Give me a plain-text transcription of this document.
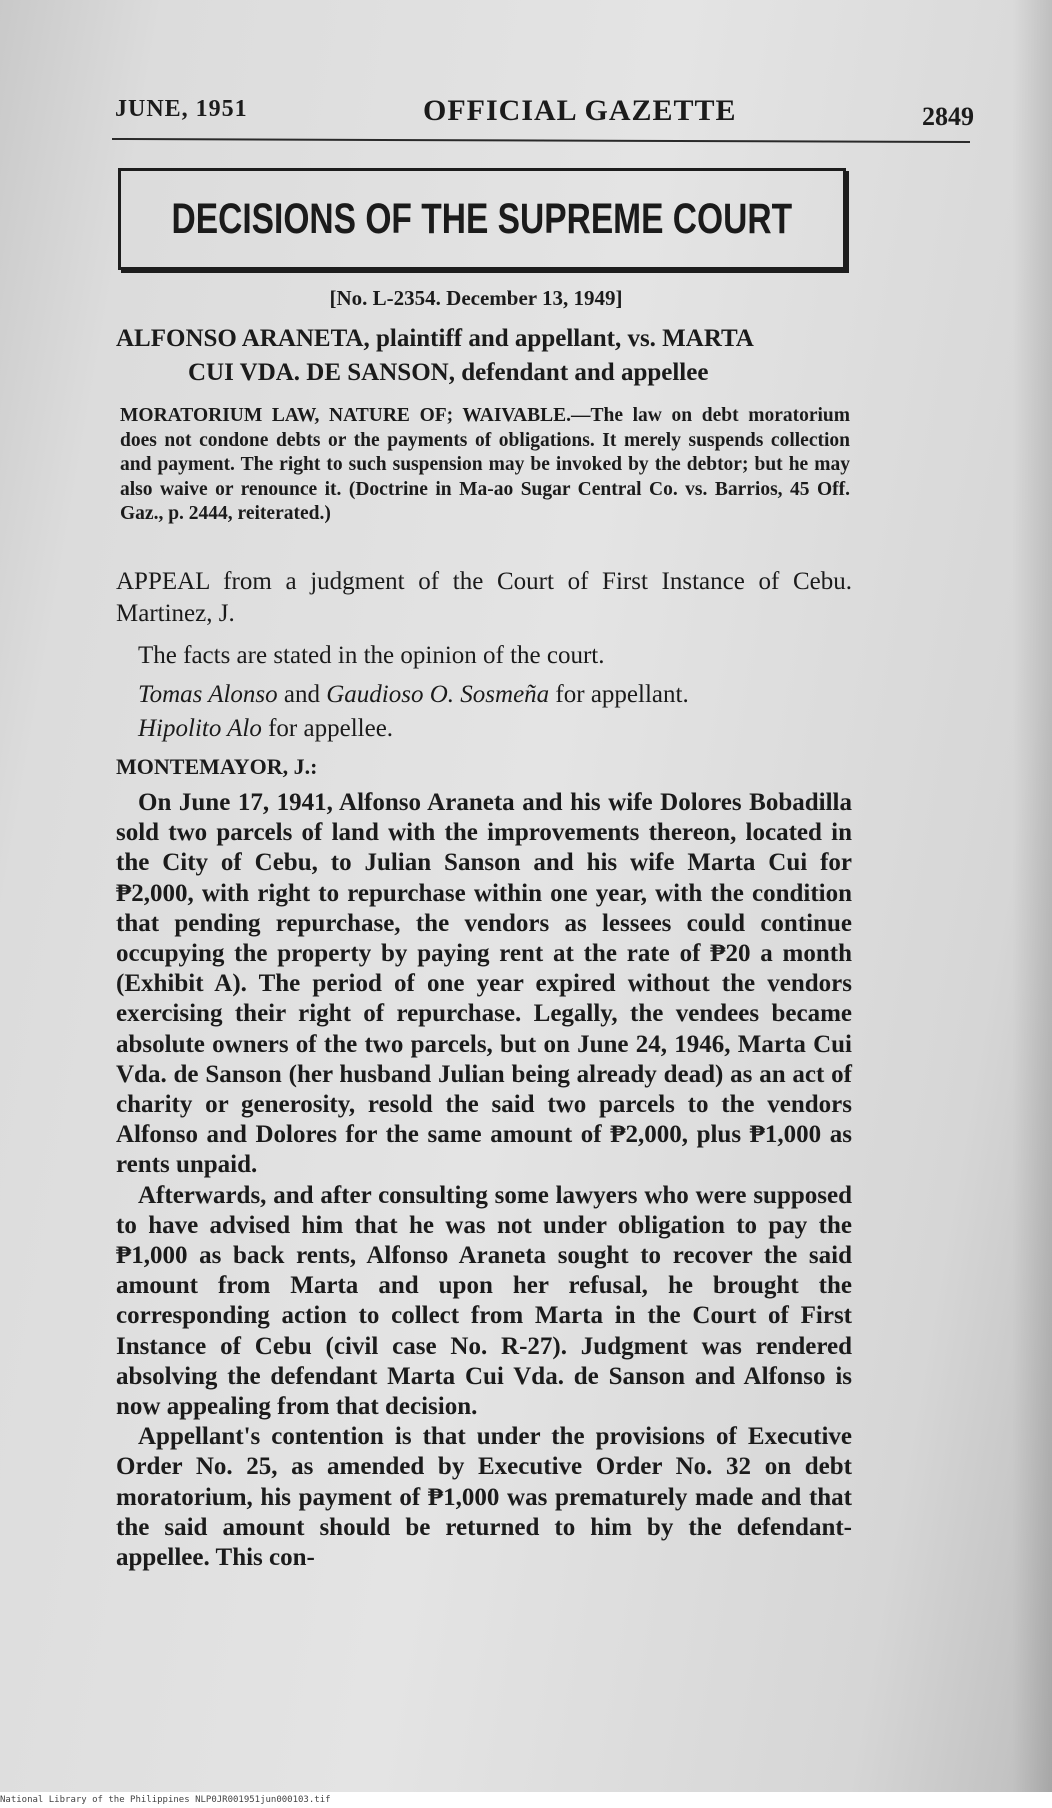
JUNE, 1951	OFFICIAL GAZETTE	2849
DECISIONS OF THE SUPREME COURT
[No. L-2354. December 13, 1949]
ALFONSO ARANETA, plaintiff and appellant, vs. MARTA
CUI VDA. DE SANSON, defendant and appellee
MORATORIUM LAW, NATURE OF; WAIVABLE.—The law on debt moratorium does not condone debts or the payments of obligations. It merely suspends collection and payment. The right to such suspension may be invoked by the debtor; but he may also waive or renounce it. (Doctrine in Ma-ao Sugar Central Co. vs. Barrios, 45 Off. Gaz., p. 2444, reiterated.)
APPEAL from a judgment of the Court of First Instance of Cebu. Martinez, J.
The facts are stated in the opinion of the court.
Tomas Alonso and Gaudioso O. Sosmeña for appellant.
Hipolito Alo for appellee.
MONTEMAYOR, J.:

On June 17, 1941, Alfonso Araneta and his wife Dolores Bobadilla sold two parcels of land with the improvements thereon, located in the City of Cebu, to Julian Sanson and his wife Marta Cui for ₱2,000, with right to repurchase within one year, with the condition that pending repurchase, the vendors as lessees could continue occupying the property by paying rent at the rate of ₱20 a month (Exhibit A). The period of one year expired without the vendors exercising their right of repurchase. Legally, the vendees became absolute owners of the two parcels, but on June 24, 1946, Marta Cui Vda. de Sanson (her husband Julian being already dead) as an act of charity or generosity, resold the said two parcels to the vendors Alfonso and Dolores for the same amount of ₱2,000, plus ₱1,000 as rents unpaid.

Afterwards, and after consulting some lawyers who were supposed to have advised him that he was not under obligation to pay the ₱1,000 as back rents, Alfonso Araneta sought to recover the said amount from Marta and upon her refusal, he brought the corresponding action to collect from Marta in the Court of First Instance of Cebu (civil case No. R-27). Judgment was rendered absolving the defendant Marta Cui Vda. de Sanson and Alfonso is now appealing from that decision.

Appellant's contention is that under the provisions of Executive Order No. 25, as amended by Executive Order No. 32 on debt moratorium, his payment of ₱1,000 was prematurely made and that the said amount should be returned to him by the defendant-appellee. This con-

National Library of the Philippines NLP0JR001951jun000103.tif
